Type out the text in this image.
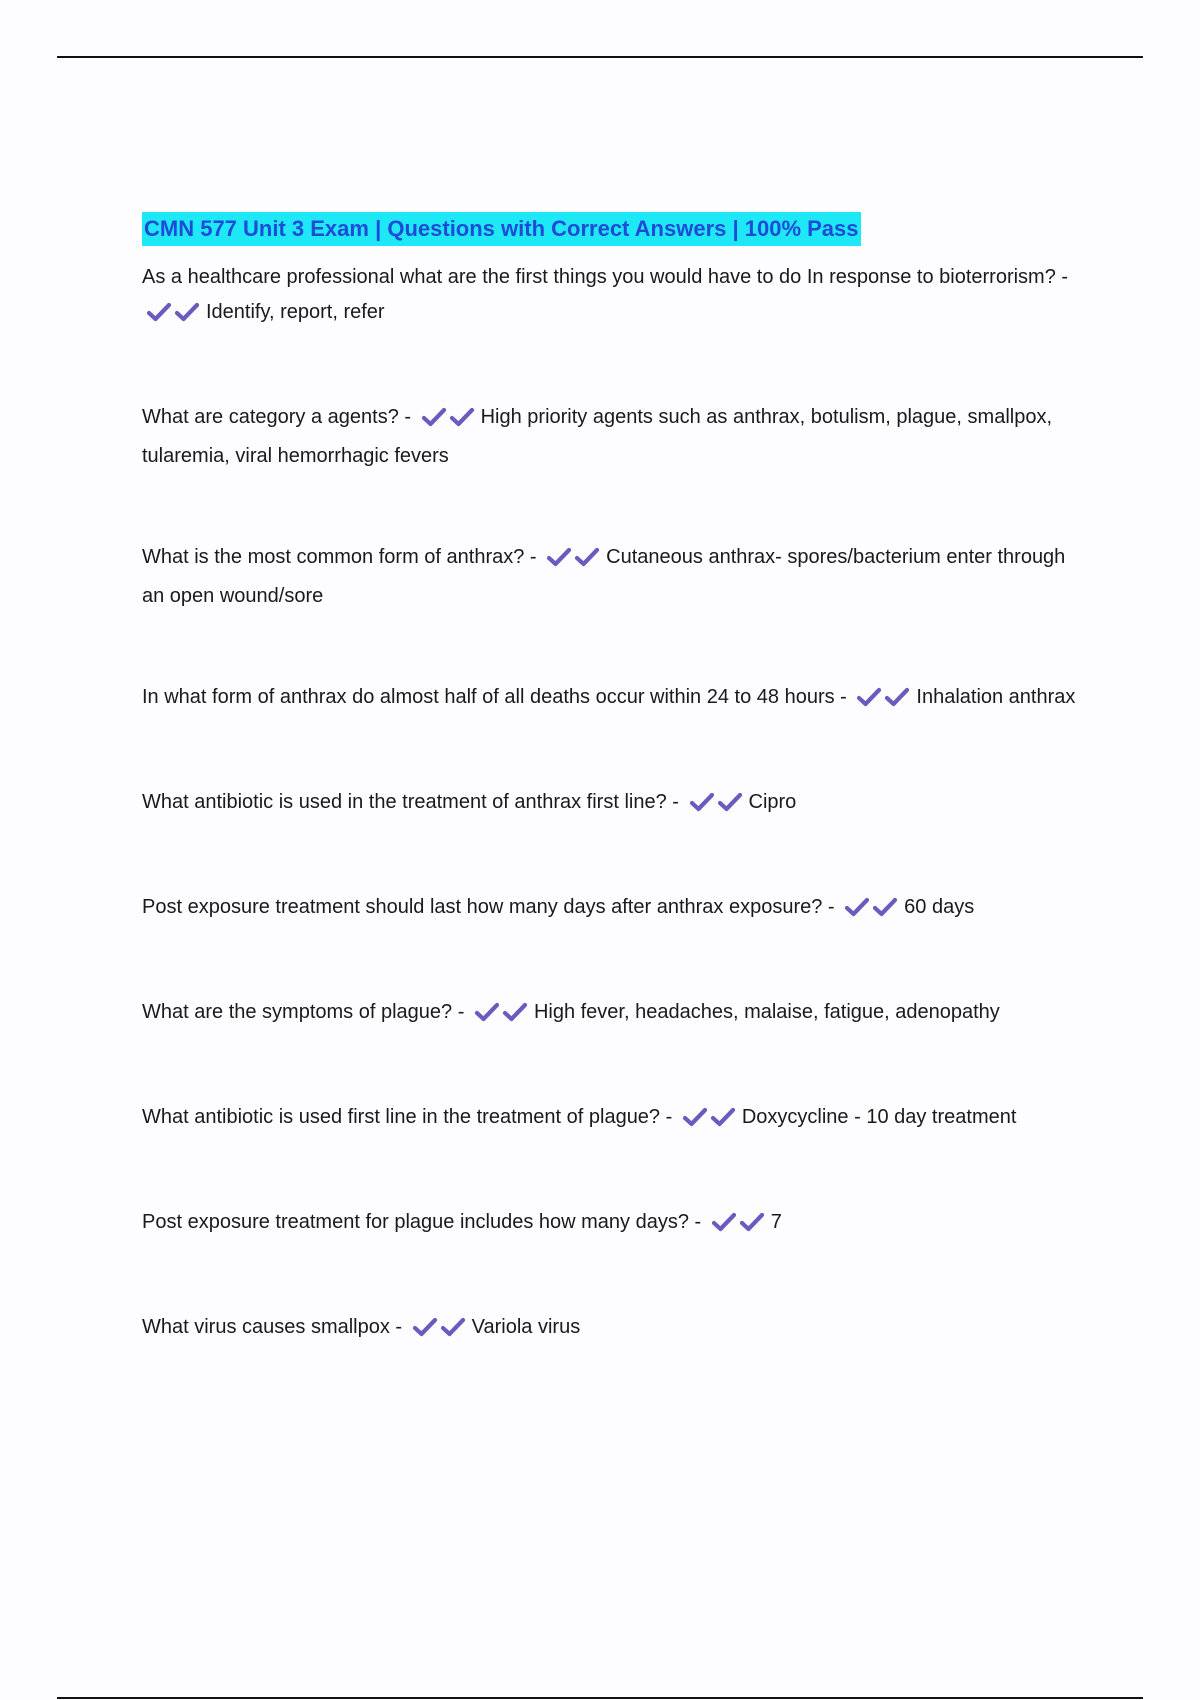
CMN 577 Unit 3 Exam | Questions with Correct Answers | 100% Pass
As a healthcare professional what are the first things you would have to do In response to bioterrorism? -
Identify, report, refer
What are category a agents? -	High priority agents such as anthrax, botulism, plague, smallpox, tularemia, viral hemorrhagic fevers
What is the most common form of anthrax? -	Cutaneous anthrax- spores/bacterium enter through an open wound/sore
In what form of anthrax do almost half of all deaths occur within 24 to 48 hours -	Inhalation anthrax
What antibiotic is used in the treatment of anthrax first line? -	Cipro
Post exposure treatment should last how many days after anthrax exposure? -	60 days
What are the symptoms of plague? -	High fever, headaches, malaise, fatigue, adenopathy
What antibiotic is used first line in the treatment of plague? -	Doxycycline - 10 day treatment
Post exposure treatment for plague includes how many days? -	7
What virus causes smallpox -	Variola virus
